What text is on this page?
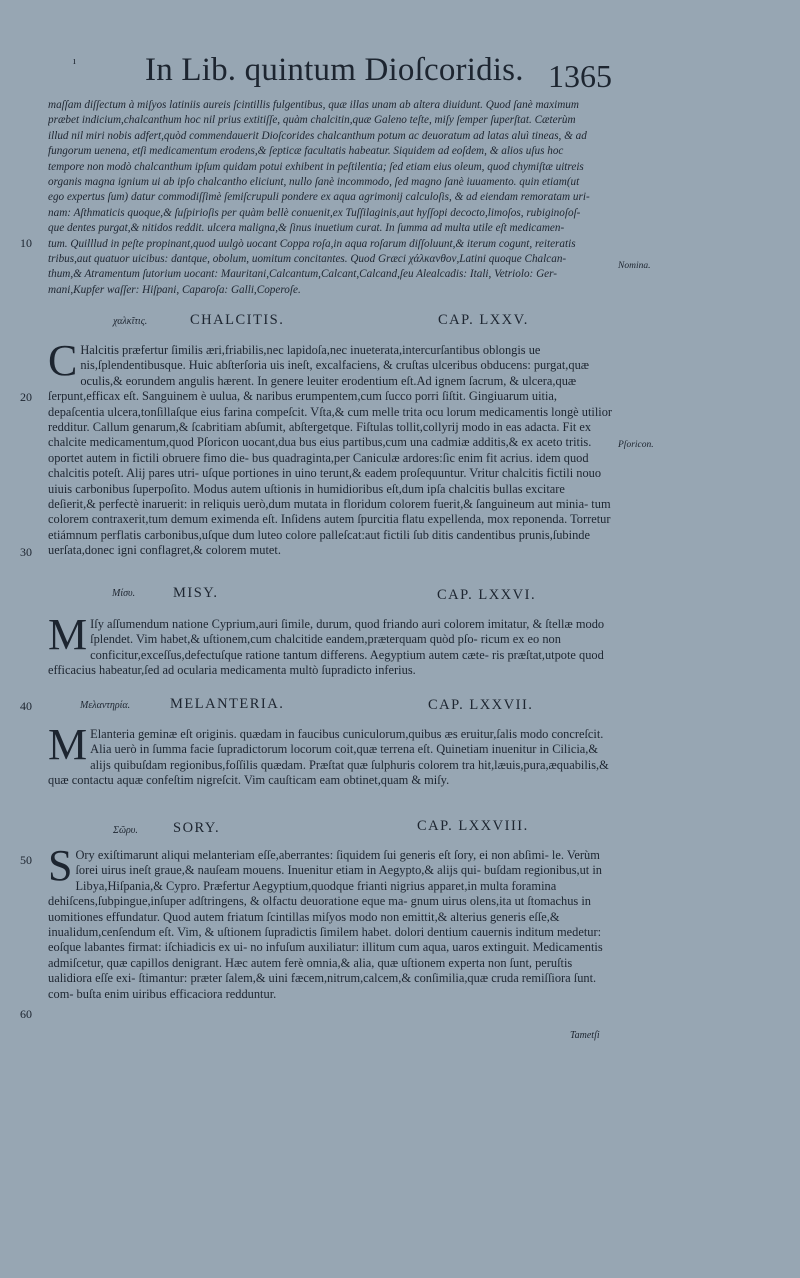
ı In Lib. quintum Dioſcoridis. 1365
maſſam diſſectum à miſyos latiniis aureis ſcintillis fulgentibus, quæ illas unam ab altera diuidunt. Quod ſanè maximum
præbet indicium,chalcanthum hoc nil prius extitiſſe, quàm chalcitin,quæ Galeno teſte, miſy ſemper ſuperſtat. Cæterùm
illud nil miri nobis adfert,quòd commendauerit Dioſcorides chalcanthum potum ac deuoratum ad latas aluì tineas, & ad
fungorum uenena, etſi medicamentum erodens,& ſepticæ facultatis habeatur. Siquidem ad eoſdem, & alios uſus hoc
tempore non modò chalcanthum ipſum quidam potui exhibent in peſtilentia; ſed etiam eius oleum, quod chymiſtæ uitreis
organis magna ignium ui ab ipſo chalcantho eliciunt, nullo ſanè incommodo, ſed magno ſanè iuuamento. quin etiam(ut
ego expertus ſum) datur commodiſſimè ſemiſcrupuli pondere ex aqua agrimonij calculoſis, & ad eiendam remoratam uri-
nam: Aſthmaticis quoque,& ſuſpirioſis per quàm bellè conuenit,ex Tuſſilaginis,aut hyſſopi decocto,limoſos, rubiginoſoſ-
que dentes purgat,& nitidos reddit. ulcera maligna,& ſinus inuetium curat. In ſumma ad multa utile eſt medicamen-
tum. Quilllud in peſte propinant,quod uulgò uocant Coppa roſa,in aqua roſarum diſſoluunt,& iterum cogunt, reiteratis
tribus,aut quatuor uicibus: dantque, obolum, uomitum concitantes. Quod Græci χάλκανθον,Latini quoque Chalcan-
thum,& Atramentum ſutorium uocant: Mauritani,Calcantum,Calcant,Calcand,ſeu Alealcadis: Itali, Vetriolo: Ger-
mani,Kupfer waſſer: Hiſpani, Caparoſa: Galli,Coperoſe.
χαλκῖτις.	CHALCITIS.	CAP. LXXV.
C Halcitis præfertur ſimilis æri,friabilis,nec lapidoſa,nec inueterata,intercurſantibus oblongis ue nis,ſplendentibusque. Huic abſterſoria uis ineſt, excalfaciens, & cruſtas ulceribus obducens: purgat,quæ oculis,& eorundem angulis hærent. In genere leuiter erodentium eſt.Ad ignem ſacrum, & ulcera,quæ ſerpunt,efficax eſt. Sanguinem è uulua, & naribus erumpentem,cum ſucco porri ſiſtit. Gingiuarum uitia, depaſcentia ulcera,tonſillaſque eius farina compeſcit. Vſta,& cum melle trita ocu lorum medicamentis longè utilior redditur. Callum genarum,& ſcabritiam abſumit, abſtergetque. Fiſtulas tollit,collyrij modo in eas adacta. Fit ex chalcite medicamentum,quod Pſoricon uocant,dua bus eius partibus,cum una cadmiæ additis,& ex aceto tritis. oportet autem in fictili obruere fimo die- bus quadraginta,per Caniculæ ardores:ſic enim fit acrius. idem quod chalcitis poteſt. Alij pares utri- uſque portiones in uino terunt,& eadem proſequuntur. Vritur chalcitis fictili nouo uiuis carbonibus ſuperpoſito. Modus autem uſtionis in humidioribus eſt,dum ipſa chalcitis bullas excitare deſierit,& perfectè inaruerit: in reliquis uerò,dum mutata in floridum colorem fuerit,& ſanguineum aut minia- tum colorem contraxerit,tum demum eximenda eſt. Inſidens autem ſpurcitia flatu expellenda, mox reponenda. Torretur etiámnum perflatis carbonibus,uſque dum luteo colore palleſcat:aut fictili ſub ditis candentibus prunis,ſubinde uerſata,donec igni conflagret,& colorem mutet.
Μίσυ.	MISY.	CAP. LXXVI.
M Iſy aſſumendum natione Cyprium,auri ſimile, durum, quod friando auri colorem imitatur, & ſtellæ modo ſplendet. Vim habet,& uſtionem,cum chalcitide eandem,præterquam quòd pſo- ricum ex eo non conficitur,exceſſus,defectuſque ratione tantum differens. Aegyptium autem cæte- ris præſtat,utpote quod efficacius habeatur,ſed ad ocularia medicamenta multò ſupradicto inferius.
Μελαντηρία.	MELANTERIA.	CAP. LXXVII.
M Elanteria geminæ eſt originis. quædam in faucibus cuniculorum,quibus æs eruitur,ſalis modo concreſcit. Alia uerò in ſumma facie ſupradictorum locorum coit,quæ terrena eſt. Quinetiam inuenitur in Cilicia,& alijs quibuſdam regionibus,foſſilis quædam. Præſtat quæ ſulphuris colorem tra hit,læuis,pura,æquabilis,& quæ contactu aquæ confeſtim nigreſcit. Vim cauſticam eam obtinet,quam & miſy.
Σῶρυ. SORY.	CAP. LXXVIII.
S Ory exiſtimarunt aliqui melanteriam eſſe,aberrantes: ſiquidem ſui generis eſt ſory, ei non abſimi- le. Verùm ſorei uirus ineſt graue,& nauſeam mouens. Inuenitur etiam in Aegypto,& alijs qui- buſdam regionibus,ut in Libya,Hiſpania,& Cypro. Præfertur Aegyptium,quodque frianti nigrius apparet,in multa foramina dehiſcens,ſubpingue,inſuper adſtringens, & olfactu deuoratione eque ma- gnum uirus olens,ita ut ſtomachus in uomitiones effundatur. Quod autem friatum ſcintillas miſyos modo non emittit,& alterius generis eſſe,& inualidum,cenſendum eſt. Vim, & uſtionem ſupradictis ſimilem habet. dolori dentium cauernis inditum medetur: eoſque labantes firmat: iſchiadicis ex ui- no infuſum auxiliatur: illitum cum aqua, uaros extinguit. Medicamentis admiſcetur, quæ capillos denigrant. Hæc autem ferè omnia,& alia, quæ uſtionem experta non ſunt, peruſtis ualidiora eſſe exi- ſtimantur: præter ſalem,& uini fæcem,nitrum,calcem,& conſimilia,quæ cruda remiſſiora ſunt. com- buſta enim uiribus efficaciora redduntur.
10
20
30
40
50
60
Nomina.
Pſoricon.
Tametſi
